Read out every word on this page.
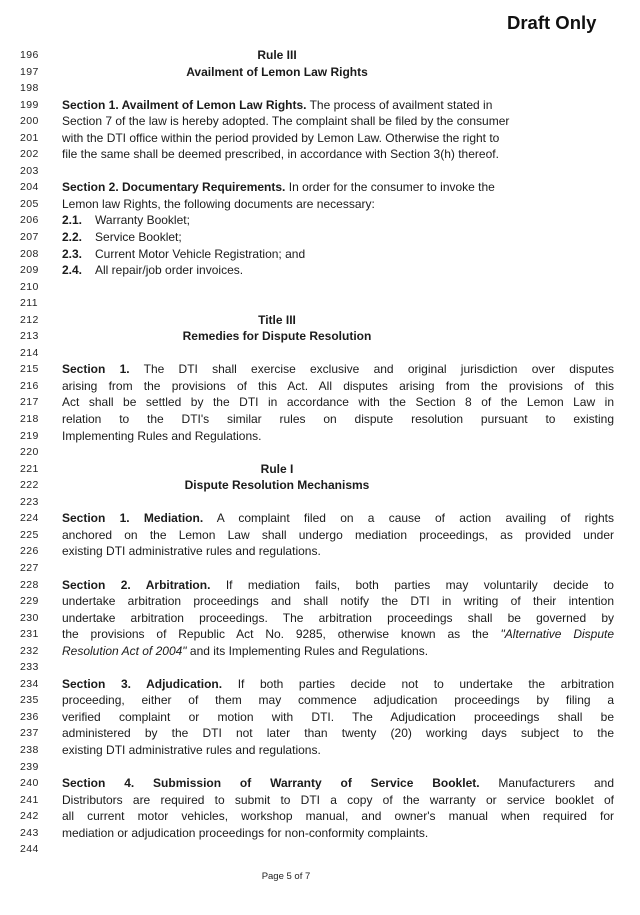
Draft Only
196	Rule III
197	Availment of Lemon Law Rights
198
199	Section 1. Availment of Lemon Law Rights. The process of availment stated in
200	Section 7 of the law is hereby adopted. The complaint shall be filed by the consumer
201	with the DTI office within the period provided by Lemon Law. Otherwise the right to
202	file the same shall be deemed prescribed, in accordance with Section 3(h) thereof.
203
204	Section 2. Documentary Requirements. In order for the consumer to invoke the
205	Lemon law Rights, the following documents are necessary:
206	2.1. Warranty Booklet;
207	2.2. Service Booklet;
208	2.3. Current Motor Vehicle Registration; and
209	2.4. All repair/job order invoices.
210
211
212	Title III
213	Remedies for Dispute Resolution
214
215	Section 1. The DTI shall exercise exclusive and original jurisdiction over disputes
216	arising from the provisions of this Act. All disputes arising from the provisions of this
217	Act shall be settled by the DTI in accordance with the Section 8 of the Lemon Law in
218	relation to the DTI's similar rules on dispute resolution pursuant to existing
219	Implementing Rules and Regulations.
220
221	Rule I
222	Dispute Resolution Mechanisms
223
224	Section 1. Mediation. A complaint filed on a cause of action availing of rights
225	anchored on the Lemon Law shall undergo mediation proceedings, as provided under
226	existing DTI administrative rules and regulations.
227
228	Section 2. Arbitration. If mediation fails, both parties may voluntarily decide to
229	undertake arbitration proceedings and shall notify the DTI in writing of their intention
230	undertake arbitration proceedings. The arbitration proceedings shall be governed by
231	the provisions of Republic Act No. 9285, otherwise known as the "Alternative Dispute
232	Resolution Act of 2004" and its Implementing Rules and Regulations.
233
234	Section 3. Adjudication. If both parties decide not to undertake the arbitration
235	proceeding, either of them may commence adjudication proceedings by filing a
236	verified complaint or motion with DTI. The Adjudication proceedings shall be
237	administered by the DTI not later than twenty (20) working days subject to the
238	existing DTI administrative rules and regulations.
239
240	Section 4. Submission of Warranty of Service Booklet. Manufacturers and
241	Distributors are required to submit to DTI a copy of the warranty or service booklet of
242	all current motor vehicles, workshop manual, and owner's manual when required for
243	mediation or adjudication proceedings for non-conformity complaints.
244
Page 5 of 7
